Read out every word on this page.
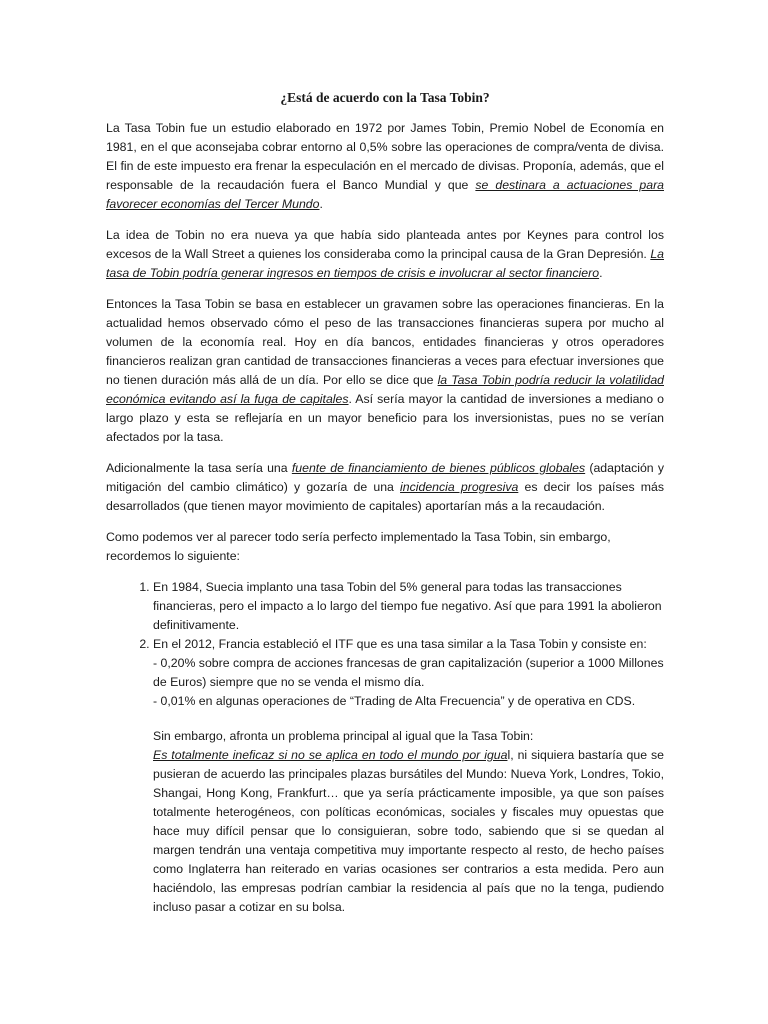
¿Está de acuerdo con la Tasa Tobin?

La Tasa Tobin fue un estudio elaborado en 1972 por James Tobin, Premio Nobel de Economía en 1981, en el que aconsejaba cobrar entorno al 0,5% sobre las operaciones de compra/venta de divisa. El fin de este impuesto era frenar la especulación en el mercado de divisas. Proponía, además, que el responsable de la recaudación fuera el Banco Mundial y que se destinara a actuaciones para favorecer economías del Tercer Mundo.

La idea de Tobin no era nueva ya que había sido planteada antes por Keynes para control los excesos de la Wall Street a quienes los consideraba como la principal causa de la Gran Depresión. La tasa de Tobin podría generar ingresos en tiempos de crisis e involucrar al sector financiero.

Entonces la Tasa Tobin se basa en establecer un gravamen sobre las operaciones financieras. En la actualidad hemos observado cómo el peso de las transacciones financieras supera por mucho al volumen de la economía real. Hoy en día bancos, entidades financieras y otros operadores financieros realizan gran cantidad de transacciones financieras a veces para efectuar inversiones que no tienen duración más allá de un día. Por ello se dice que la Tasa Tobin podría reducir la volatilidad económica evitando así la fuga de capitales. Así sería mayor la cantidad de inversiones a mediano o largo plazo y esta se reflejaría en un mayor beneficio para los inversionistas, pues no se verían afectados por la tasa.

Adicionalmente la tasa sería una fuente de financiamiento de bienes públicos globales (adaptación y mitigación del cambio climático) y gozaría de una incidencia progresiva es decir los países más desarrollados (que tienen mayor movimiento de capitales) aportarían más a la recaudación.

Como podemos ver al parecer todo sería perfecto implementado la Tasa Tobin, sin embargo, recordemos lo siguiente:

1. En 1984, Suecia implanto una tasa Tobin del 5% general para todas las transacciones financieras, pero el impacto a lo largo del tiempo fue negativo. Así que para 1991 la abolieron definitivamente.
2. En el 2012, Francia estableció el ITF que es una tasa similar a la Tasa Tobin y consiste en:
- 0,20% sobre compra de acciones francesas de gran capitalización (superior a 1000 Millones de Euros) siempre que no se venda el mismo día.
- 0,01% en algunas operaciones de “Trading de Alta Frecuencia” y de operativa en CDS.

Sin embargo, afronta un problema principal al igual que la Tasa Tobin:
Es totalmente ineficaz si no se aplica en todo el mundo por igual, ni siquiera bastaría que se pusieran de acuerdo las principales plazas bursátiles del Mundo: Nueva York, Londres, Tokio, Shangai, Hong Kong, Frankfurt… que ya sería prácticamente imposible, ya que son países totalmente heterogéneos, con políticas económicas, sociales y fiscales muy opuestas que hace muy difícil pensar que lo consiguieran, sobre todo, sabiendo que si se quedan al margen tendrán una ventaja competitiva muy importante respecto al resto, de hecho países como Inglaterra han reiterado en varias ocasiones ser contrarios a esta medida. Pero aun haciéndolo, las empresas podrían cambiar la residencia al país que no la tenga, pudiendo incluso pasar a cotizar en su bolsa.
